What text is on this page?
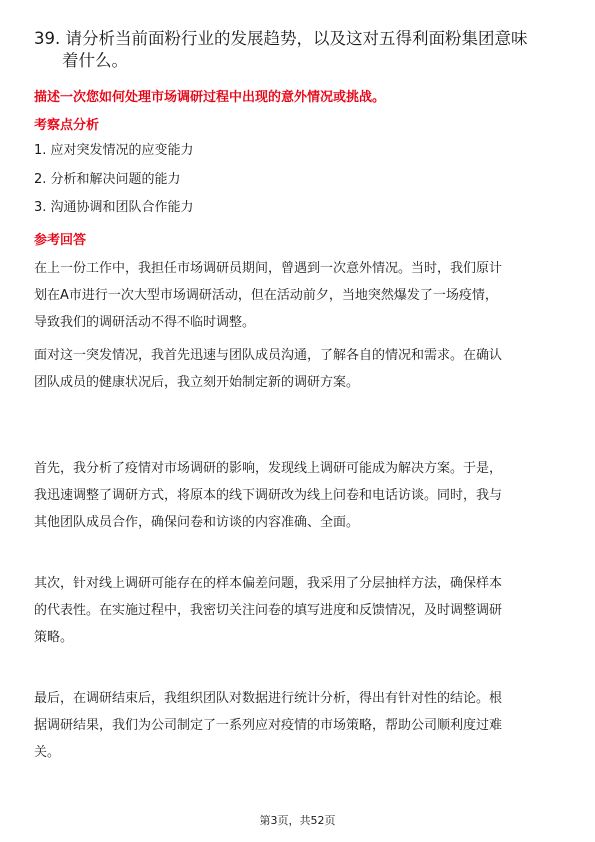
39. 请分析当前面粉行业的发展趋势，以及这对五得利面粉集团意味
着什么。
描述一次您如何处理市场调研过程中出现的意外情况或挑战。
考察点分析
1. 应对突发情况的应变能力
2. 分析和解决问题的能力
3. 沟通协调和团队合作能力
参考回答
在上一份工作中，我担任市场调研员期间，曾遇到一次意外情况。当时，我们原计
划在A市进行一次大型市场调研活动，但在活动前夕，当地突然爆发了一场疫情，
导致我们的调研活动不得不临时调整。
面对这一突发情况，我首先迅速与团队成员沟通，了解各自的情况和需求。在确认
团队成员的健康状况后，我立刻开始制定新的调研方案。
首先，我分析了疫情对市场调研的影响，发现线上调研可能成为解决方案。于是，
我迅速调整了调研方式，将原本的线下调研改为线上问卷和电话访谈。同时，我与
其他团队成员合作，确保问卷和访谈的内容准确、全面。
其次，针对线上调研可能存在的样本偏差问题，我采用了分层抽样方法，确保样本
的代表性。在实施过程中，我密切关注问卷的填写进度和反馈情况，及时调整调研
策略。
最后，在调研结束后，我组织团队对数据进行统计分析，得出有针对性的结论。根
据调研结果，我们为公司制定了一系列应对疫情的市场策略，帮助公司顺利度过难
关。
第3页，共52页
